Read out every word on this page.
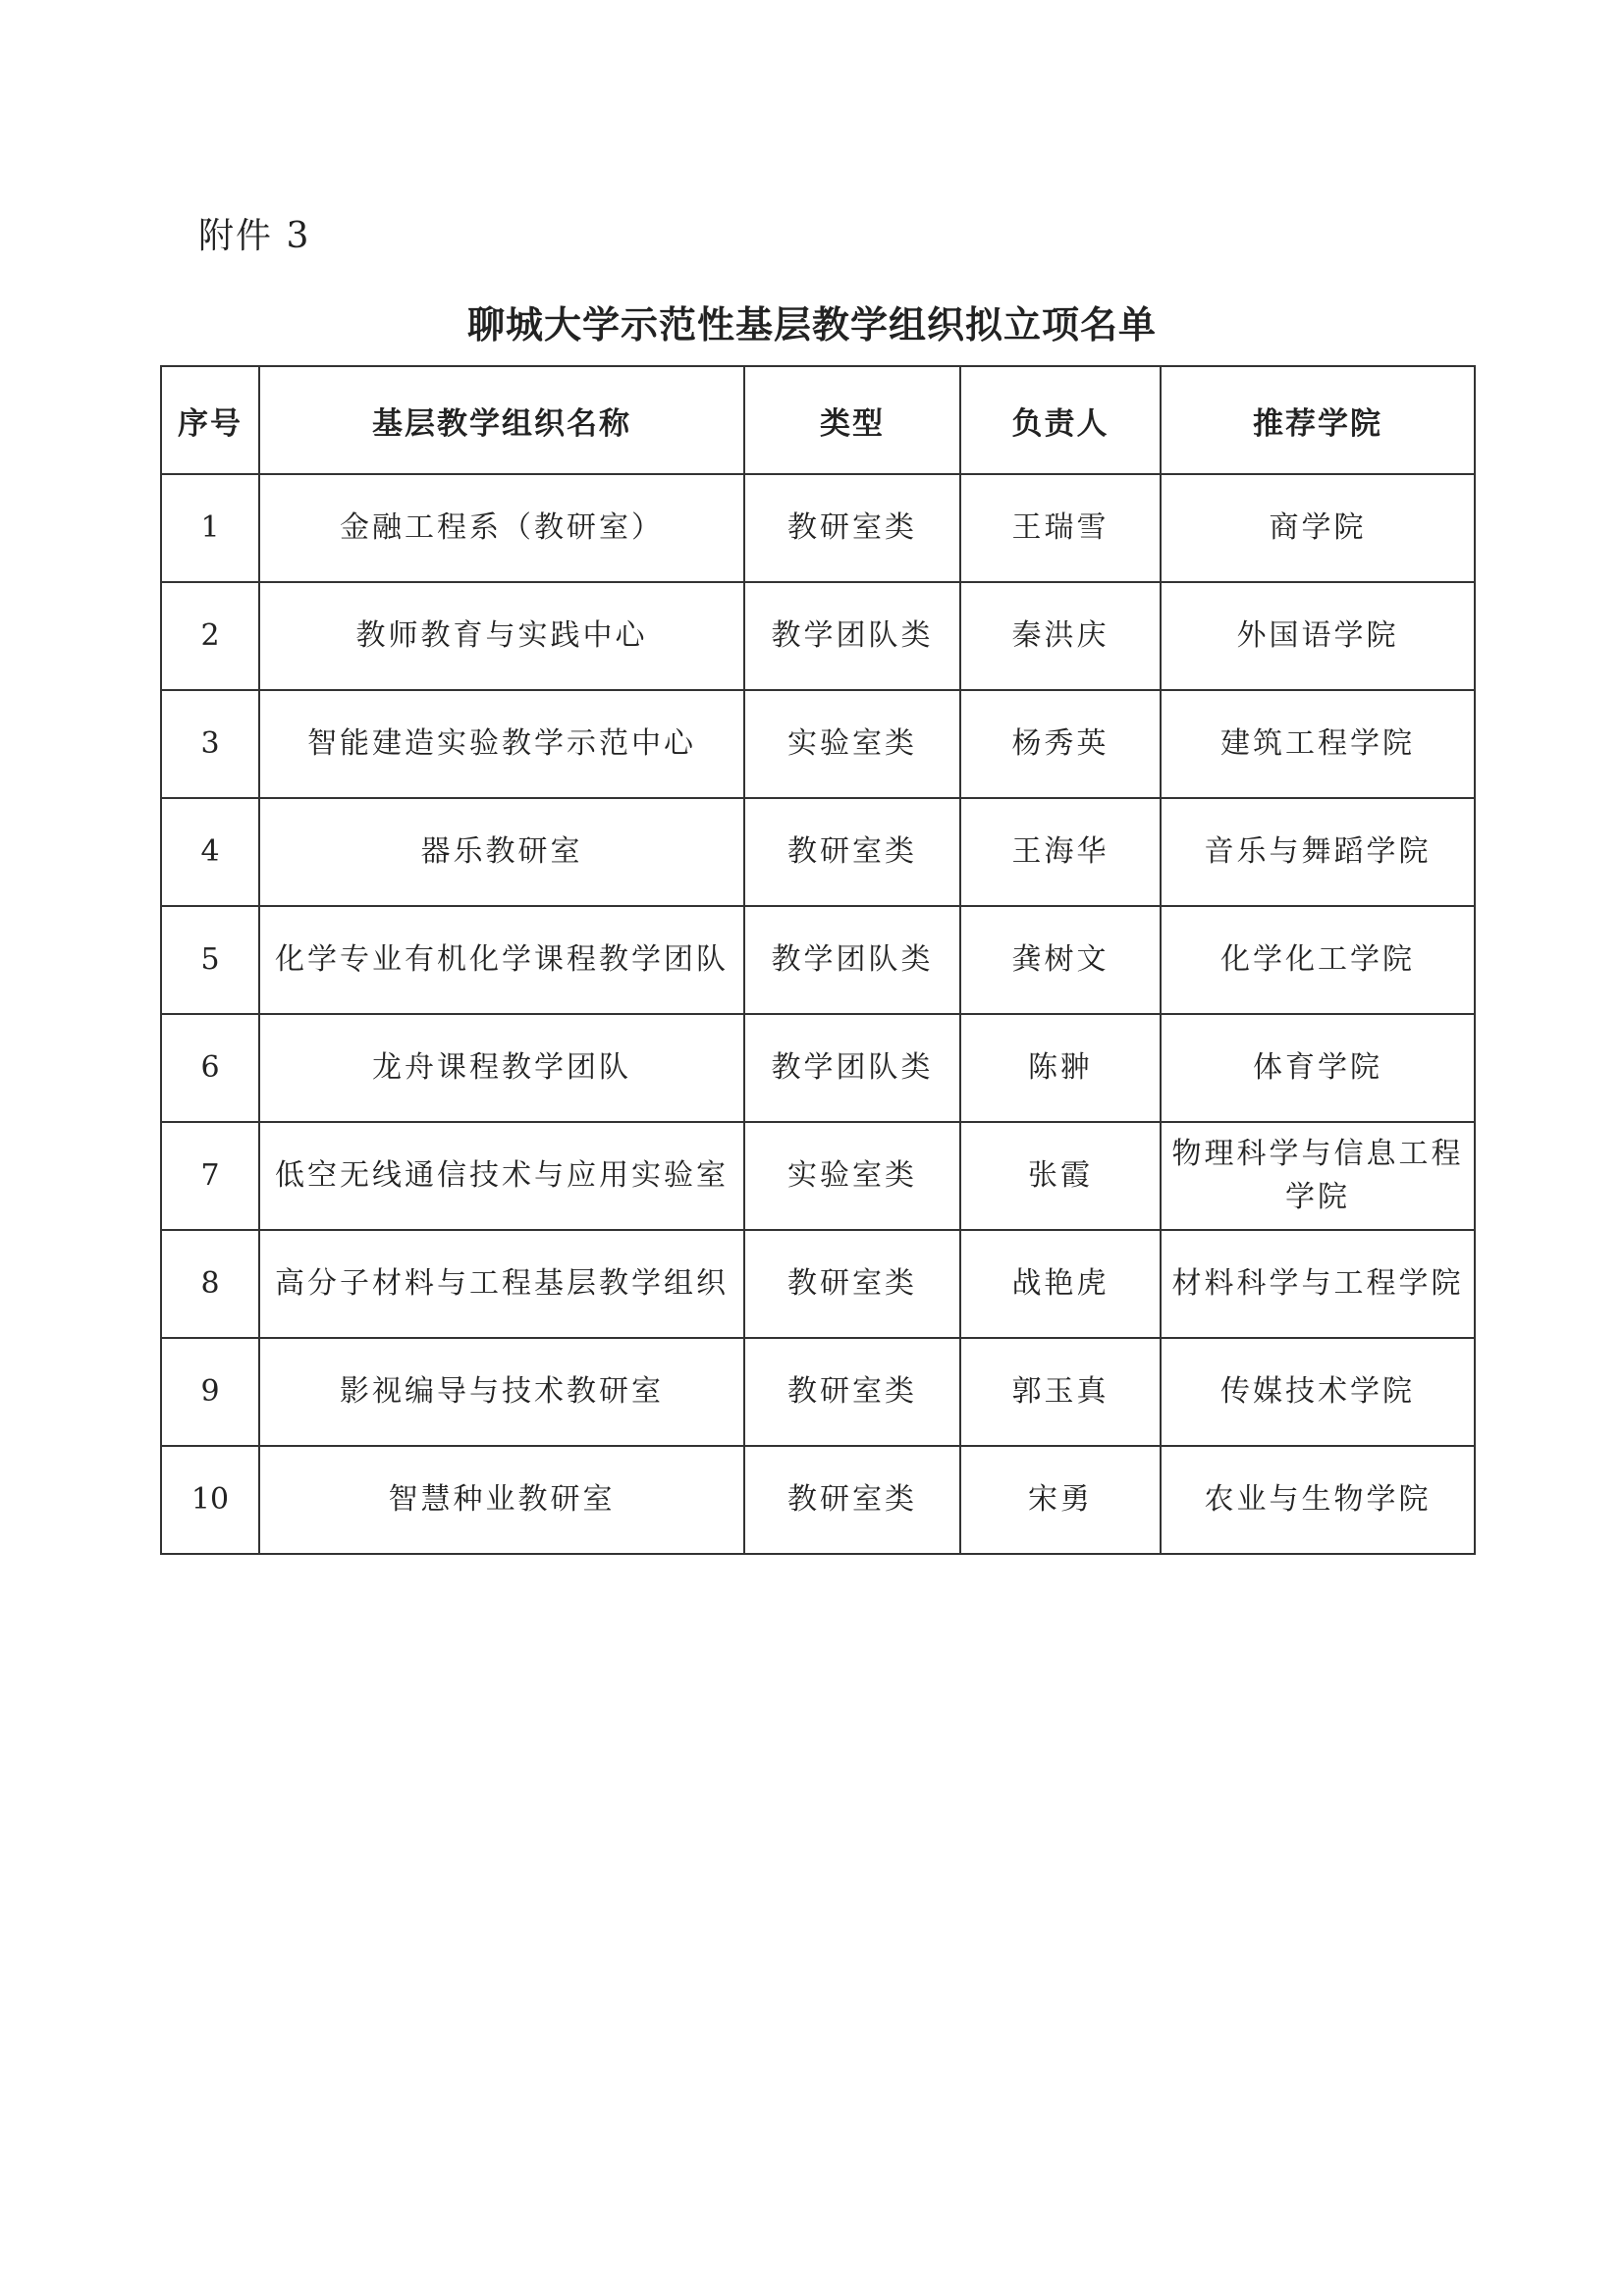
附件 3
聊城大学示范性基层教学组织拟立项名单
序号	基层教学组织名称	类型	负责人	推荐学院
1	金融工程系（教研室）	教研室类	王瑞雪	商学院
2	教师教育与实践中心	教学团队类	秦洪庆	外国语学院
3	智能建造实验教学示范中心	实验室类	杨秀英	建筑工程学院
4	器乐教研室	教研室类	王海华	音乐与舞蹈学院
5	化学专业有机化学课程教学团队	教学团队类	龚树文	化学化工学院
6	龙舟课程教学团队	教学团队类	陈翀	体育学院
7	低空无线通信技术与应用实验室	实验室类	张霞	物理科学与信息工程学院
8	高分子材料与工程基层教学组织	教研室类	战艳虎	材料科学与工程学院
9	影视编导与技术教研室	教研室类	郭玉真	传媒技术学院
10	智慧种业教研室	教研室类	宋勇	农业与生物学院
